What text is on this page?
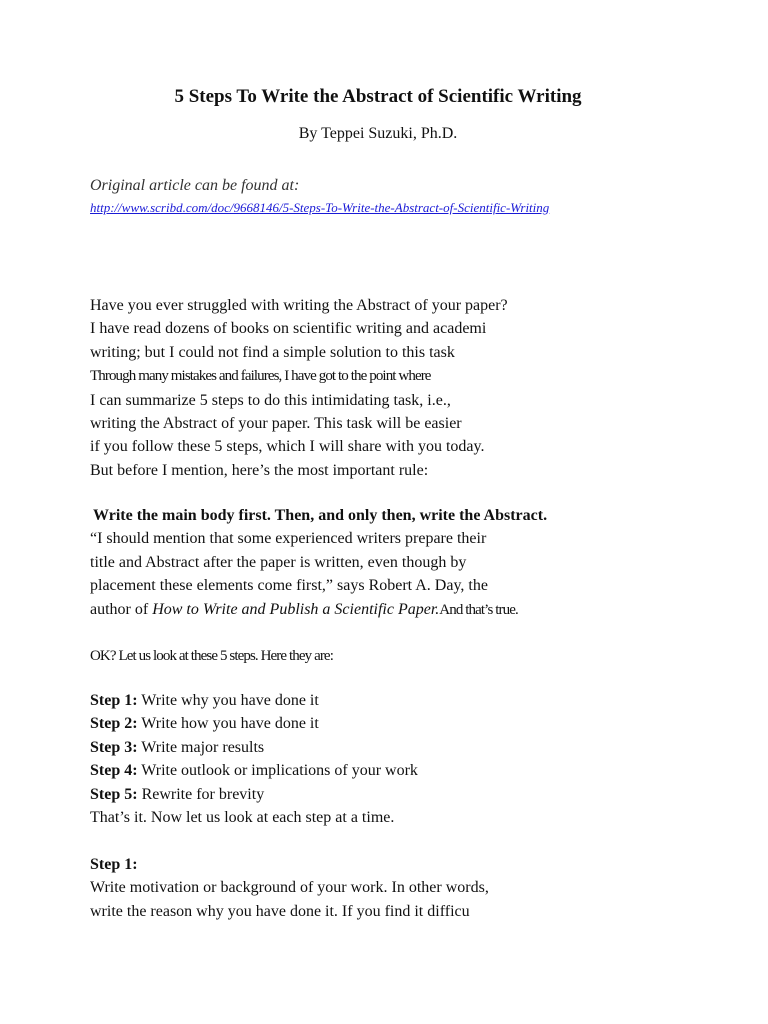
5 Steps To Write the Abstract of Scientific Writing

By Teppei Suzuki, Ph.D.

Original article can be found at:

http://www.scribd.com/doc/9668146/5-Steps-To-Write-the-Abstract-of-Scientific-Writing
Have you ever struggled with writing the Abstract of your paper?
I have read dozens of books on scientific writing and academi
writing; but I could not find a simple solution to this task
Through many mistakes and failures, I have got to the point where
I can summarize 5 steps to do this intimidating task, i.e.,
writing the Abstract of your paper. This task will be easier
if you follow these 5 steps, which I will share with you today.
But before I mention, here’s the most important rule:
Write the main body first. Then, and only then, write the Abstract.
“I should mention that some experienced writers prepare their
title and Abstract after the paper is written, even though by
placement these elements come first,” says Robert A. Day, the
author of How to Write and Publish a Scientific Paper.And that’s true.
OK? Let us look at these 5 steps. Here they are:
Step 1: Write why you have done it
Step 2: Write how you have done it
Step 3: Write major results
Step 4: Write outlook or implications of your work
Step 5: Rewrite for brevity
That’s it. Now let us look at each step at a time.
Step 1:
Write motivation or background of your work. In other words,
write the reason why you have done it. If you find it difficu
